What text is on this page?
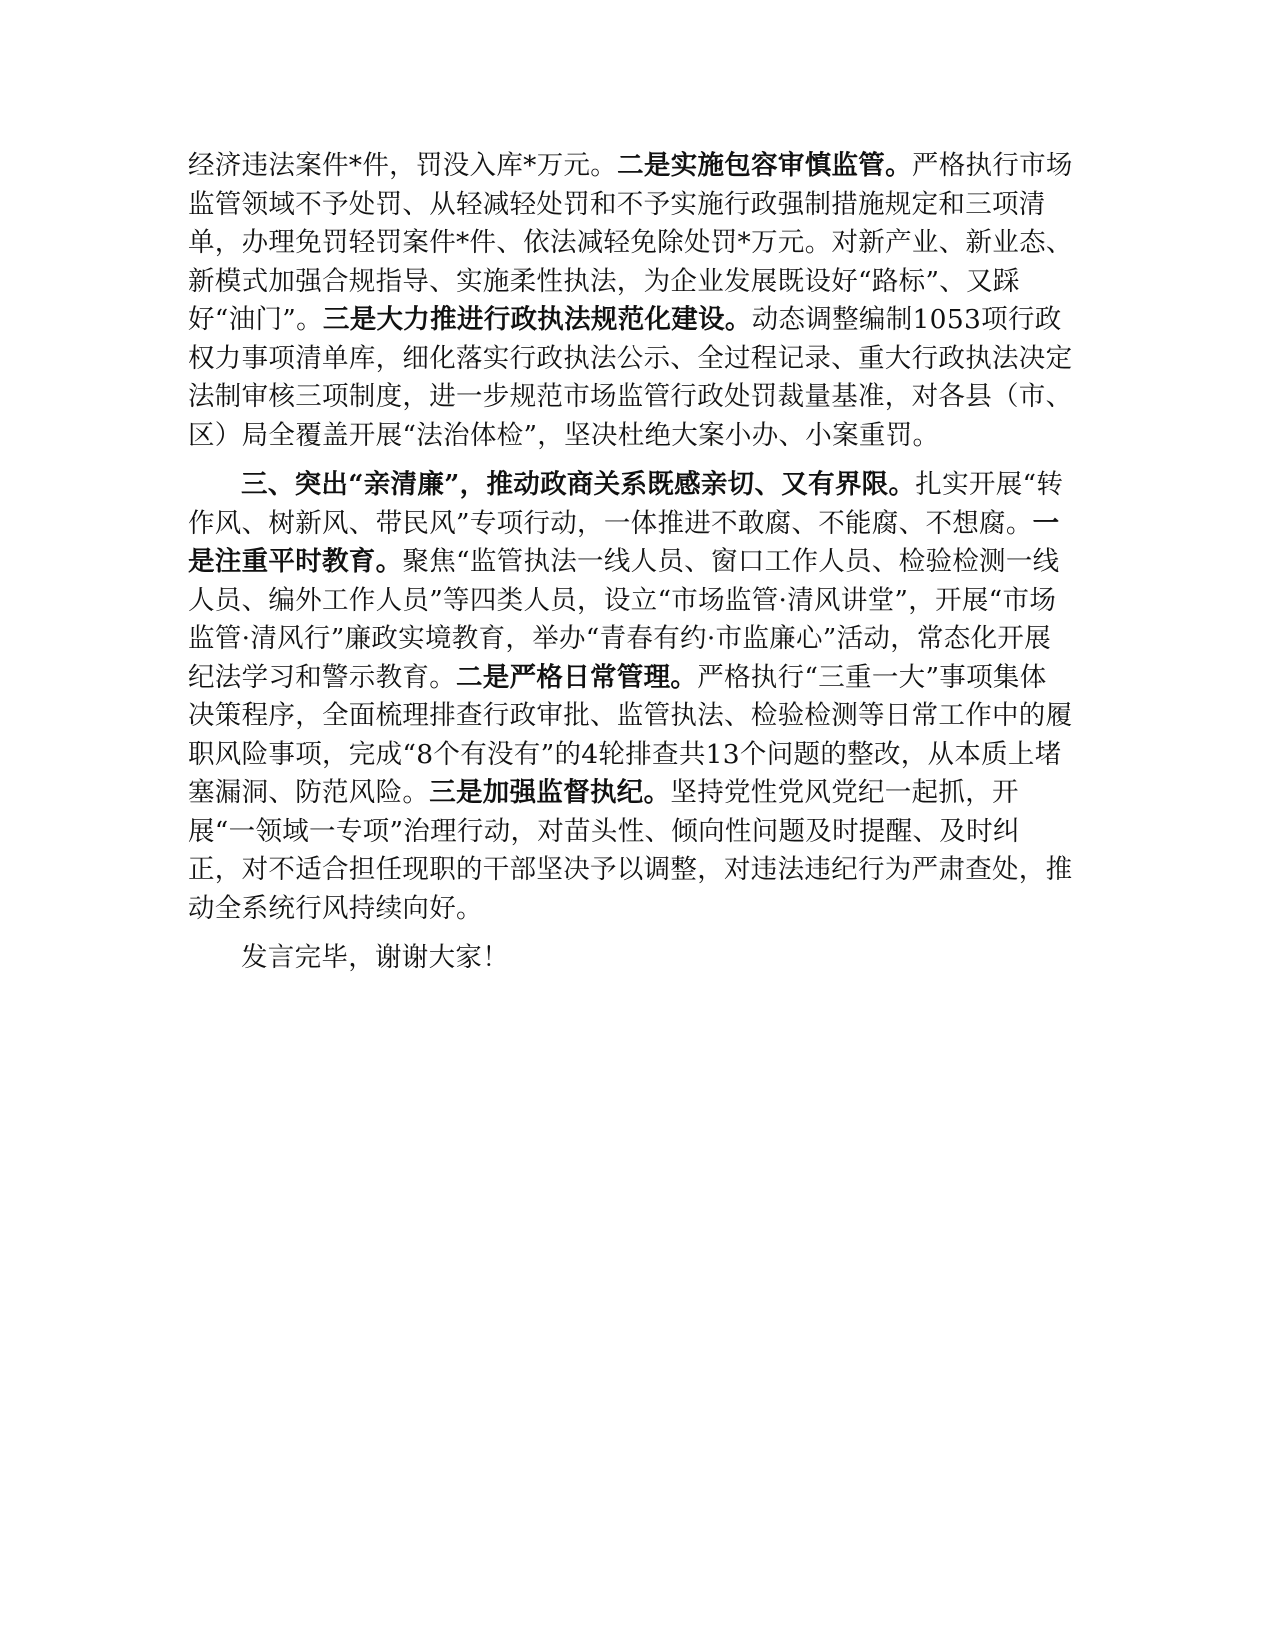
经济违法案件*件，罚没入库*万元。二是实施包容审慎监管。严格执行市场监管领域不予处罚、从轻减轻处罚和不予实施行政强制措施规定和三项清单，办理免罚轻罚案件*件、依法减轻免除处罚*万元。对新产业、新业态、新模式加强合规指导、实施柔性执法，为企业发展既设好“路标”、又踩好“油门”。三是大力推进行政执法规范化建设。动态调整编制1053项行政权力事项清单库，细化落实行政执法公示、全过程记录、重大行政执法决定法制审核三项制度，进一步规范市场监管行政处罚裁量基准，对各县（市、区）局全覆盖开展“法治体检”，坚决杜绝大案小办、小案重罚。

三、突出“亲清廉”，推动政商关系既感亲切、又有界限。扎实开展“转作风、树新风、带民风”专项行动，一体推进不敢腐、不能腐、不想腐。一是注重平时教育。聚焦“监管执法一线人员、窗口工作人员、检验检测一线人员、编外工作人员”等四类人员，设立“市场监管·清风讲堂”，开展“市场监管·清风行”廉政实境教育，举办“青春有约·市监廉心”活动，常态化开展纪法学习和警示教育。二是严格日常管理。严格执行“三重一大”事项集体决策程序，全面梳理排查行政审批、监管执法、检验检测等日常工作中的履职风险事项，完成“8个有没有”的4轮排查共13个问题的整改，从本质上堵塞漏洞、防范风险。三是加强监督执纪。坚持党性党风党纪一起抓，开展“一领域一专项”治理行动，对苗头性、倾向性问题及时提醒、及时纠正，对不适合担任现职的干部坚决予以调整，对违法违纪行为严肃查处，推动全系统行风持续向好。

发言完毕，谢谢大家！
